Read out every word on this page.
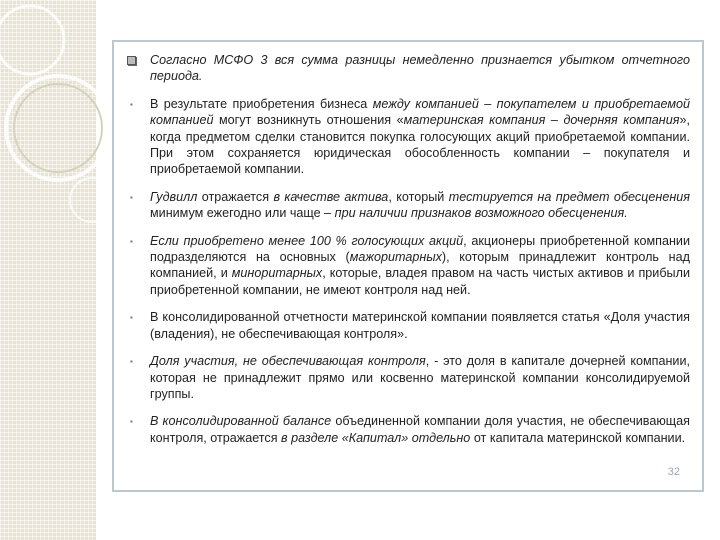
Согласно МСФО 3 вся сумма разницы немедленно признается убытком отчетного периода.
▪ В результате приобретения бизнеса между компанией – покупателем и приобретаемой компанией могут возникнуть отношения «материнская компания – дочерняя компания», когда предметом сделки становится покупка голосующих акций приобретаемой компании. При этом сохраняется юридическая обособленность компании – покупателя и приобретаемой компании.
▪ Гудвилл отражается в качестве актива, который тестируется на предмет обесценения минимум ежегодно или чаще – при наличии признаков возможного обесценения.
▪ Если приобретено менее 100 % голосующих акций, акционеры приобретенной компании подразделяются на основных (мажоритарных), которым принадлежит контроль над компанией, и миноритарных, которые, владея правом на часть чистых активов и прибыли приобретенной компании, не имеют контроля над ней.
▪ В консолидированной отчетности материнской компании появляется статья «Доля участия (владения), не обеспечивающая контроля».
▪ Доля участия, не обеспечивающая контроля, - это доля в капитале дочерней компании, которая не принадлежит прямо или косвенно материнской компании консолидируемой группы.
▪ В консолидированной балансе объединенной компании доля участия, не обеспечивающая контроля, отражается в разделе «Капитал» отдельно от капитала материнской компании.
32
